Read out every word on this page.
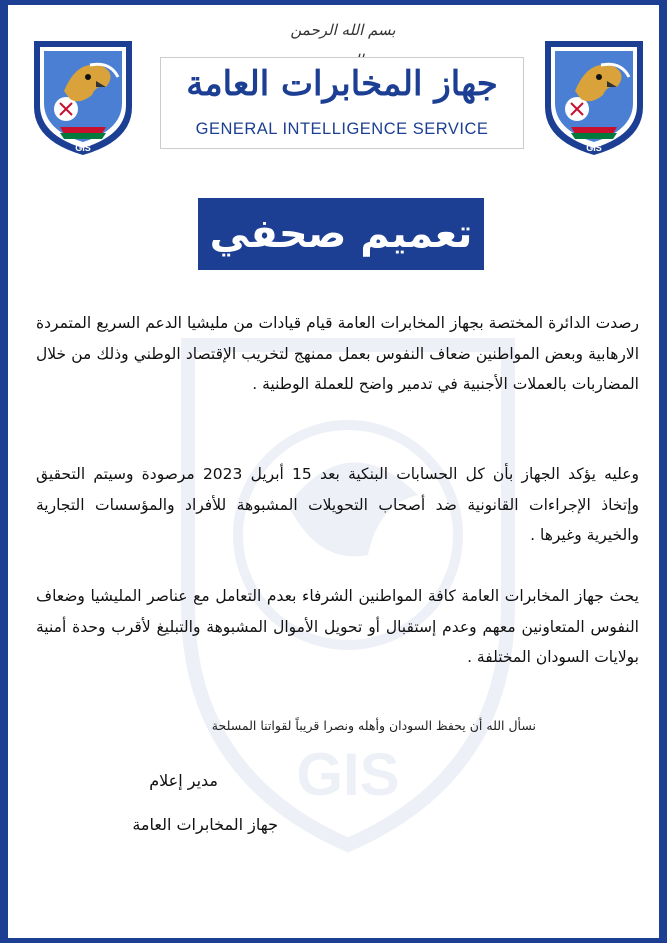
GIS
بسم الله الرحمن
GIS	GIS
جهاز المخابرات العامة
GENERAL INTELLIGENCE SERVICE
تعميم صحفي
رصدت الدائرة المختصة بجهاز المخابرات العامة قيام قيادات من مليشيا الدعم السريع المتمردة الارهابية وبعض المواطنين ضعاف النفوس بعمل ممنهج لتخريب الإقتصاد الوطني وذلك من خلال المضاربات بالعملات الأجنبية في تدمير واضح للعملة الوطنية .
وعليه يؤكد الجهاز بأن كل الحسابات البنكية بعد 15 أبريل 2023 مرصودة وسيتم التحقيق وإتخاذ الإجراءات القانونية ضد أصحاب التحويلات المشبوهة للأفراد والمؤسسات التجارية والخيرية وغيرها .
يحث جهاز المخابرات العامة كافة المواطنين الشرفاء بعدم التعامل مع عناصر المليشيا وضعاف النفوس المتعاونين معهم وعدم إستقبال أو تحويل الأموال المشبوهة والتبليغ لأقرب وحدة أمنية بولايات السودان المختلفة .
نسأل الله أن يحفظ السودان وأهله ونصرا قريباً لقواتنا المسلحة
مدير إعلام
جهاز المخابرات العامة
